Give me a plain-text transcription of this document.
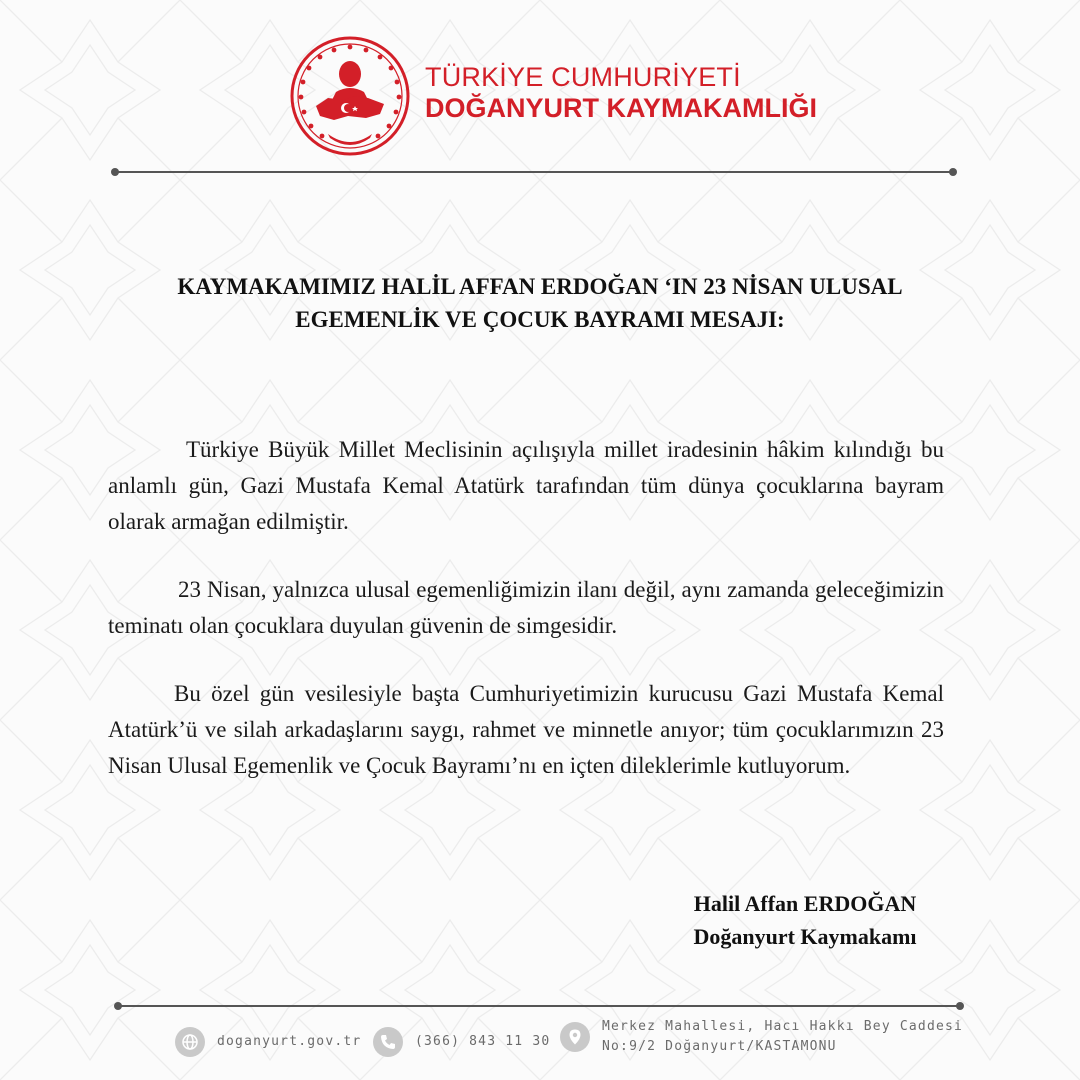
TÜRKİYE CUMHURİYETİ
DOĞANYURT KAYMAKAMLIĞI
KAYMAKAMIMIZ HALİL AFFAN ERDOĞAN ‘IN 23 NİSAN ULUSAL
EGEMENLİK VE ÇOCUK BAYRAMI MESAJI:
Türkiye Büyük Millet Meclisinin açılışıyla millet iradesinin hâkim kılındığı bu anlamlı gün, Gazi Mustafa Kemal Atatürk tarafından tüm dünya çocuklarına bayram olarak armağan edilmiştir.
23 Nisan, yalnızca ulusal egemenliğimizin ilanı değil, aynı zamanda geleceğimizin teminatı olan çocuklara duyulan güvenin de simgesidir.
Bu özel gün vesilesiyle başta Cumhuriyetimizin kurucusu Gazi Mustafa Kemal Atatürk’ü ve silah arkadaşlarını saygı, rahmet ve minnetle anıyor; tüm çocuklarımızın 23 Nisan Ulusal Egemenlik ve Çocuk Bayramı’nı en içten dileklerimle kutluyorum.
Halil Affan ERDOĞAN
Doğanyurt Kaymakamı
doganyurt.gov.tr	(366) 843 11 30
Merkez Mahallesi, Hacı Hakkı Bey Caddesi
No:9/2 Doğanyurt/KASTAMONU
